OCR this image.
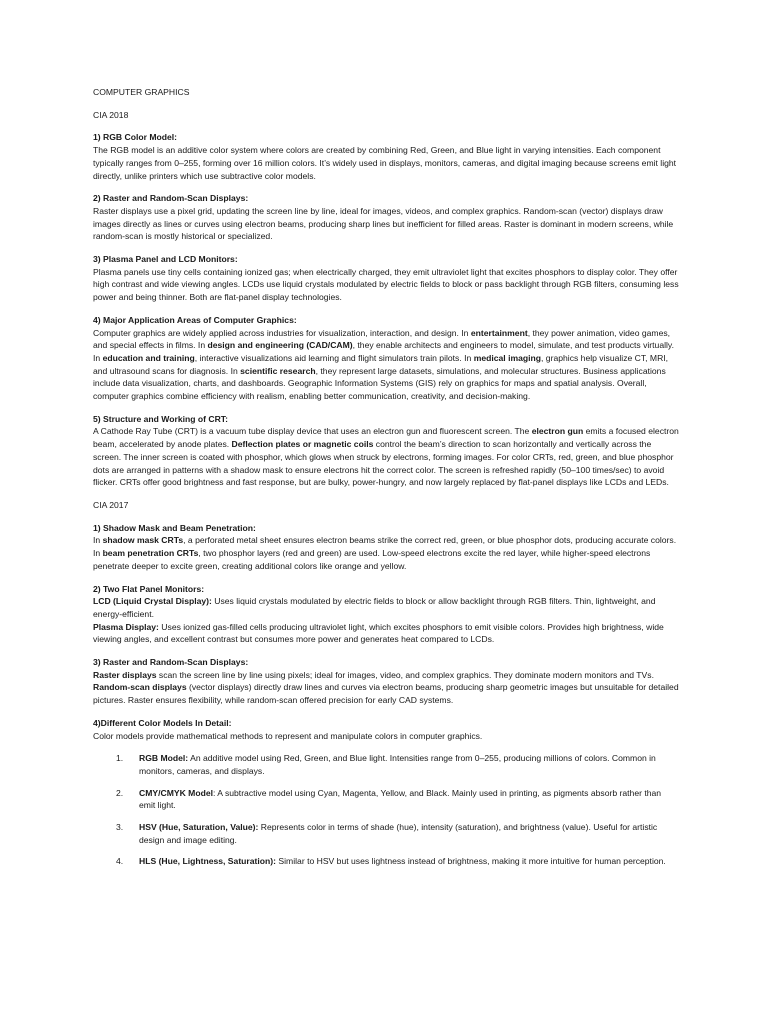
COMPUTER GRAPHICS

CIA 2018

1) RGB Color Model:

The RGB model is an additive color system where colors are created by combining Red, Green, and Blue light in varying intensities. Each component typically ranges from 0–255, forming over 16 million colors. It’s widely used in displays, monitors, cameras, and digital imaging because screens emit light directly, unlike printers which use subtractive color models.

2) Raster and Random-Scan Displays:

Raster displays use a pixel grid, updating the screen line by line, ideal for images, videos, and complex graphics. Random-scan (vector) displays draw images directly as lines or curves using electron beams, producing sharp lines but inefficient for filled areas. Raster is dominant in modern screens, while random-scan is mostly historical or specialized.

3) Plasma Panel and LCD Monitors:

Plasma panels use tiny cells containing ionized gas; when electrically charged, they emit ultraviolet light that excites phosphors to display color. They offer high contrast and wide viewing angles. LCDs use liquid crystals modulated by electric fields to block or pass backlight through RGB filters, consuming less power and being thinner. Both are flat-panel display technologies.

4) Major Application Areas of Computer Graphics:

Computer graphics are widely applied across industries for visualization, interaction, and design. In entertainment, they power animation, video games, and special effects in films. In design and engineering (CAD/CAM), they enable architects and engineers to model, simulate, and test products virtually. In education and training, interactive visualizations aid learning and flight simulators train pilots. In medical imaging, graphics help visualize CT, MRI, and ultrasound scans for diagnosis. In scientific research, they represent large datasets, simulations, and molecular structures. Business applications include data visualization, charts, and dashboards. Geographic Information Systems (GIS) rely on graphics for maps and spatial analysis. Overall, computer graphics combine efficiency with realism, enabling better communication, creativity, and decision-making.

5) Structure and Working of CRT:

A Cathode Ray Tube (CRT) is a vacuum tube display device that uses an electron gun and fluorescent screen. The electron gun emits a focused electron beam, accelerated by anode plates. Deflection plates or magnetic coils control the beam’s direction to scan horizontally and vertically across the screen. The inner screen is coated with phosphor, which glows when struck by electrons, forming images. For color CRTs, red, green, and blue phosphor dots are arranged in patterns with a shadow mask to ensure electrons hit the correct color. The screen is refreshed rapidly (50–100 times/sec) to avoid flicker. CRTs offer good brightness and fast response, but are bulky, power-hungry, and now largely replaced by flat-panel displays like LCDs and LEDs.

CIA 2017

1) Shadow Mask and Beam Penetration:

In shadow mask CRTs, a perforated metal sheet ensures electron beams strike the correct red, green, or blue phosphor dots, producing accurate colors. In beam penetration CRTs, two phosphor layers (red and green) are used. Low-speed electrons excite the red layer, while higher-speed electrons penetrate deeper to excite green, creating additional colors like orange and yellow.

2) Two Flat Panel Monitors:

LCD (Liquid Crystal Display): Uses liquid crystals modulated by electric fields to block or allow backlight through RGB filters. Thin, lightweight, and energy-efficient.

Plasma Display: Uses ionized gas-filled cells producing ultraviolet light, which excites phosphors to emit visible colors. Provides high brightness, wide viewing angles, and excellent contrast but consumes more power and generates heat compared to LCDs.

3) Raster and Random-Scan Displays:

Raster displays scan the screen line by line using pixels; ideal for images, video, and complex graphics. They dominate modern monitors and TVs.

Random-scan displays (vector displays) directly draw lines and curves via electron beams, producing sharp geometric images but unsuitable for detailed pictures. Raster ensures flexibility, while random-scan offered precision for early CAD systems.

4)Different Color Models In Detail:

Color models provide mathematical methods to represent and manipulate colors in computer graphics.

1. RGB Model: An additive model using Red, Green, and Blue light. Intensities range from 0–255, producing millions of colors. Common in monitors, cameras, and displays.
2. CMY/CMYK Model: A subtractive model using Cyan, Magenta, Yellow, and Black. Mainly used in printing, as pigments absorb rather than emit light.
3. HSV (Hue, Saturation, Value): Represents color in terms of shade (hue), intensity (saturation), and brightness (value). Useful for artistic design and image editing.
4. HLS (Hue, Lightness, Saturation): Similar to HSV but uses lightness instead of brightness, making it more intuitive for human perception.
